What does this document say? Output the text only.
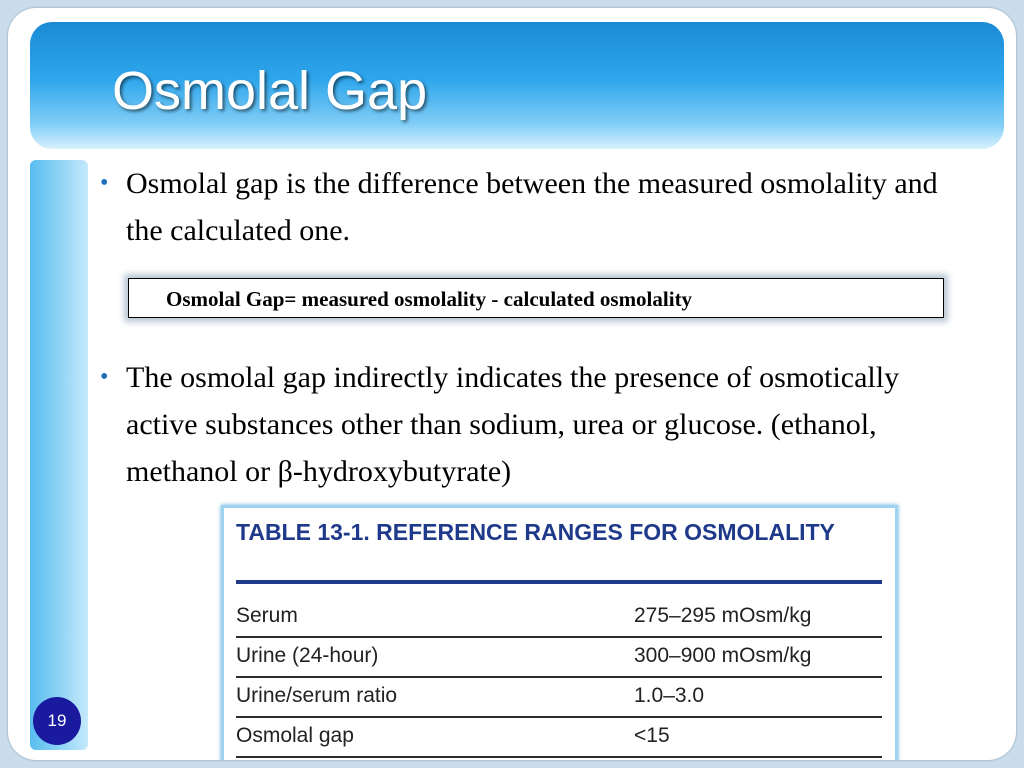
Osmolal Gap
19
• Osmolal gap is the difference between the measured osmolality and the calculated one.
Osmolal Gap= measured osmolality - calculated osmolality
• The osmolal gap indirectly indicates the presence of osmotically active substances other than sodium, urea or glucose. (ethanol, methanol or β-hydroxybutyrate)
TABLE 13-1. REFERENCE RANGES FOR OSMOLALITY
Serum	275–295 mOsm/kg
Urine (24-hour)	300–900 mOsm/kg
Urine/serum ratio	1.0–3.0
Osmolal gap	<15
